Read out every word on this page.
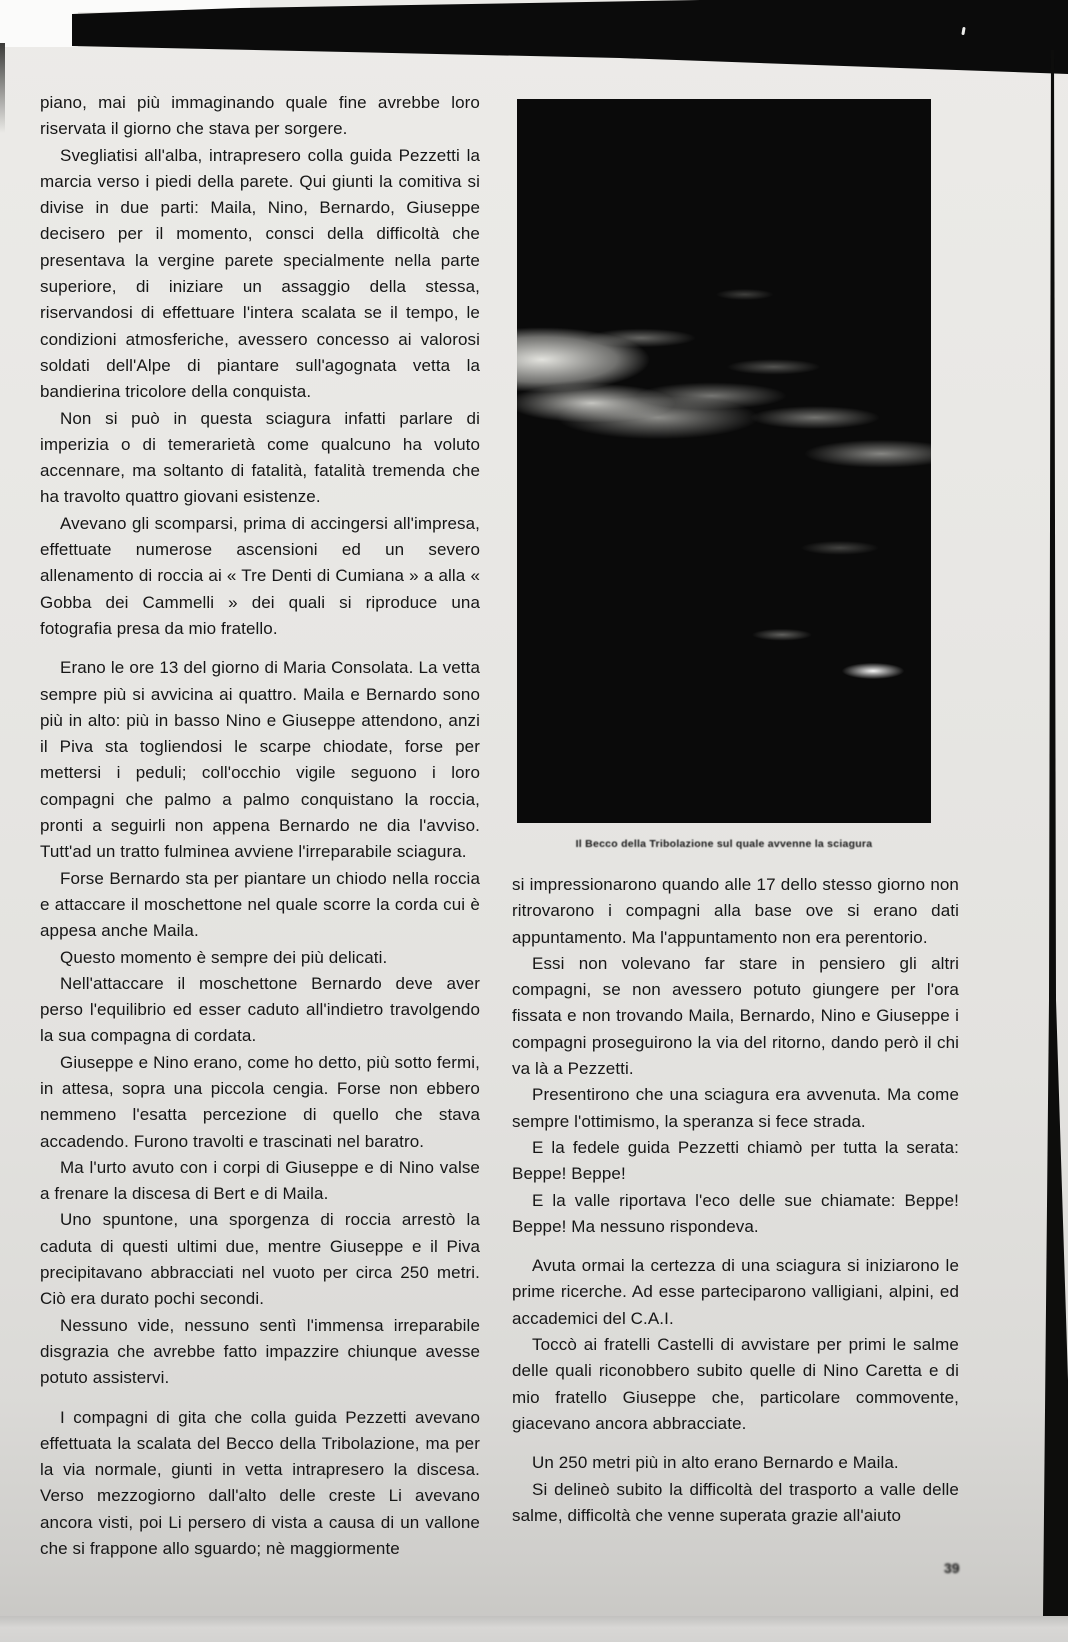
piano, mai più immaginando quale fine avrebbe loro riservata il giorno che stava per sorgere.

Svegliatisi all'alba, intrapresero colla guida Pezzetti la marcia verso i piedi della parete. Qui giunti la comitiva si divise in due parti: Maila, Nino, Bernardo, Giuseppe decisero per il momento, consci della difficoltà che presentava la vergine parete specialmente nella parte superiore, di iniziare un assaggio della stessa, riservandosi di effettuare l'intera scalata se il tempo, le condizioni atmosferiche, avessero concesso ai valorosi soldati dell'Alpe di piantare sull'agognata vetta la bandierina tricolore della conquista.

Non si può in questa sciagura infatti parlare di imperizia o di temerarietà come qualcuno ha voluto accennare, ma soltanto di fatalità, fatalità tremenda che ha travolto quattro giovani esistenze.

Avevano gli scomparsi, prima di accingersi all'impresa, effettuate numerose ascensioni ed un severo allenamento di roccia ai « Tre Denti di Cumiana » a alla « Gobba dei Cammelli » dei quali si riproduce una fotografia presa da mio fratello.

Erano le ore 13 del giorno di Maria Consolata. La vetta sempre più si avvicina ai quattro. Maila e Bernardo sono più in alto: più in basso Nino e Giuseppe attendono, anzi il Piva sta togliendosi le scarpe chiodate, forse per mettersi i peduli; coll'occhio vigile seguono i loro compagni che palmo a palmo conquistano la roccia, pronti a seguirli non appena Bernardo ne dia l'avviso. Tutt'ad un tratto fulminea avviene l'irreparabile sciagura.

Forse Bernardo sta per piantare un chiodo nella roccia e attaccare il moschettone nel quale scorre la corda cui è appesa anche Maila.

Questo momento è sempre dei più delicati.

Nell'attaccare il moschettone Bernardo deve aver perso l'equilibrio ed esser caduto all'indietro travolgendo la sua compagna di cordata.

Giuseppe e Nino erano, come ho detto, più sotto fermi, in attesa, sopra una piccola cengia. Forse non ebbero nemmeno l'esatta percezione di quello che stava accadendo. Furono travolti e trascinati nel baratro.

Ma l'urto avuto con i corpi di Giuseppe e di Nino valse a frenare la discesa di Bert e di Maila.

Uno spuntone, una sporgenza di roccia arrestò la caduta di questi ultimi due, mentre Giuseppe e il Piva precipitavano abbracciati nel vuoto per circa 250 metri. Ciò era durato pochi secondi.

Nessuno vide, nessuno sentì l'immensa irreparabile disgrazia che avrebbe fatto impazzire chiunque avesse potuto assistervi.

I compagni di gita che colla guida Pezzetti avevano effettuata la scalata del Becco della Tribolazione, ma per la via normale, giunti in vetta intrapresero la discesa. Verso mezzogiorno dall'alto delle creste Li avevano ancora visti, poi Li persero di vista a causa di un vallone che si frappone allo sguardo; nè maggiormente

Il Becco della Tribolazione sul quale avvenne la sciagura

si impressionarono quando alle 17 dello stesso giorno non ritrovarono i compagni alla base ove si erano dati appuntamento. Ma l'appuntamento non era perentorio.

Essi non volevano far stare in pensiero gli altri compagni, se non avessero potuto giungere per l'ora fissata e non trovando Maila, Bernardo, Nino e Giuseppe i compagni proseguirono la via del ritorno, dando però il chi va là a Pezzetti.

Presentirono che una sciagura era avvenuta. Ma come sempre l'ottimismo, la speranza si fece strada.

E la fedele guida Pezzetti chiamò per tutta la serata: Beppe! Beppe!

E la valle riportava l'eco delle sue chiamate: Beppe! Beppe! Ma nessuno rispondeva.

Avuta ormai la certezza di una sciagura si iniziarono le prime ricerche. Ad esse parteciparono valligiani, alpini, ed accademici del C.A.I.

Toccò ai fratelli Castelli di avvistare per primi le salme delle quali riconobbero subito quelle di Nino Caretta e di mio fratello Giuseppe che, particolare commovente, giacevano ancora abbracciate.

Un 250 metri più in alto erano Bernardo e Maila.

Si delineò subito la difficoltà del trasporto a valle delle salme, difficoltà che venne superata grazie all'aiuto

39
